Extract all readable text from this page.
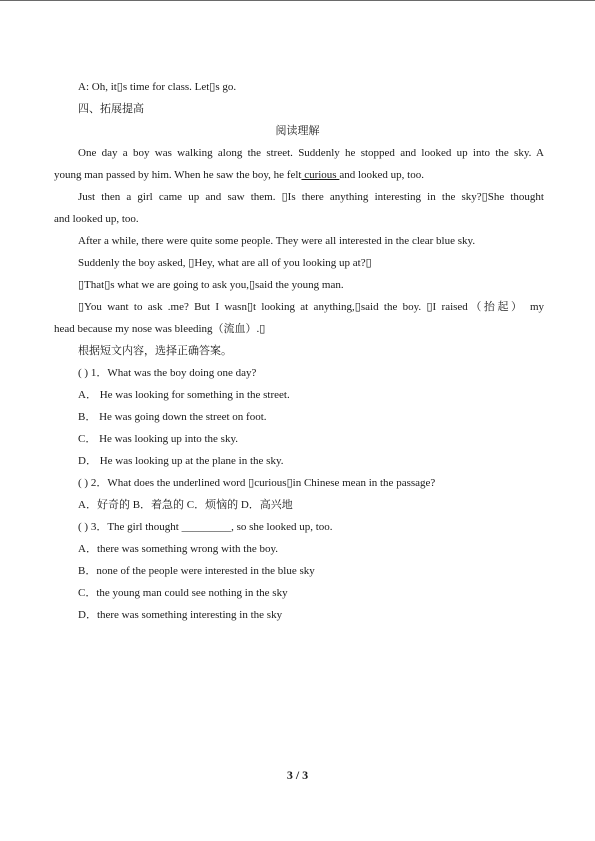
A: Oh, it▯s time for class. Let▯s go.
四、拓展提高
阅读理解
One day a boy was walking along the street. Suddenly he stopped and looked up into the sky. A
young man passed by him. When he saw the boy, he felt curious and looked up, too.
Just then a girl came up and saw them. ▯Is there anything interesting in the sky?▯She thought
and looked up, too.
After a while, there were quite some people. They were all interested in the clear blue sky.
Suddenly the boy asked, ▯Hey, what are all of you looking up at?▯
▯That▯s what we are going to ask you,▯said the young man.
▯You want to ask .me? But I wasn▯t looking at anything,▯said the boy. ▯I raised（抬起） my
head because my nose was bleeding（流血）.▯
根据短文内容，选择正确答案。
( ) 1．What was the boy doing one day?
A． He was looking for something in the street.
B． He was going down the street on foot.
C． He was looking up into the sky.
D． He was looking up at the plane in the sky.
( ) 2．What does the underlined word ▯curious▯in Chinese mean in the passage?
A．好奇的 B．着急的 C．烦恼的 D．高兴地
( ) 3．The girl thought _________, so she looked up, too.
A．there was something wrong with the boy.
B．none of the people were interested in the blue sky
C．the young man could see nothing in the sky
D．there was something interesting in the sky
3 / 3
